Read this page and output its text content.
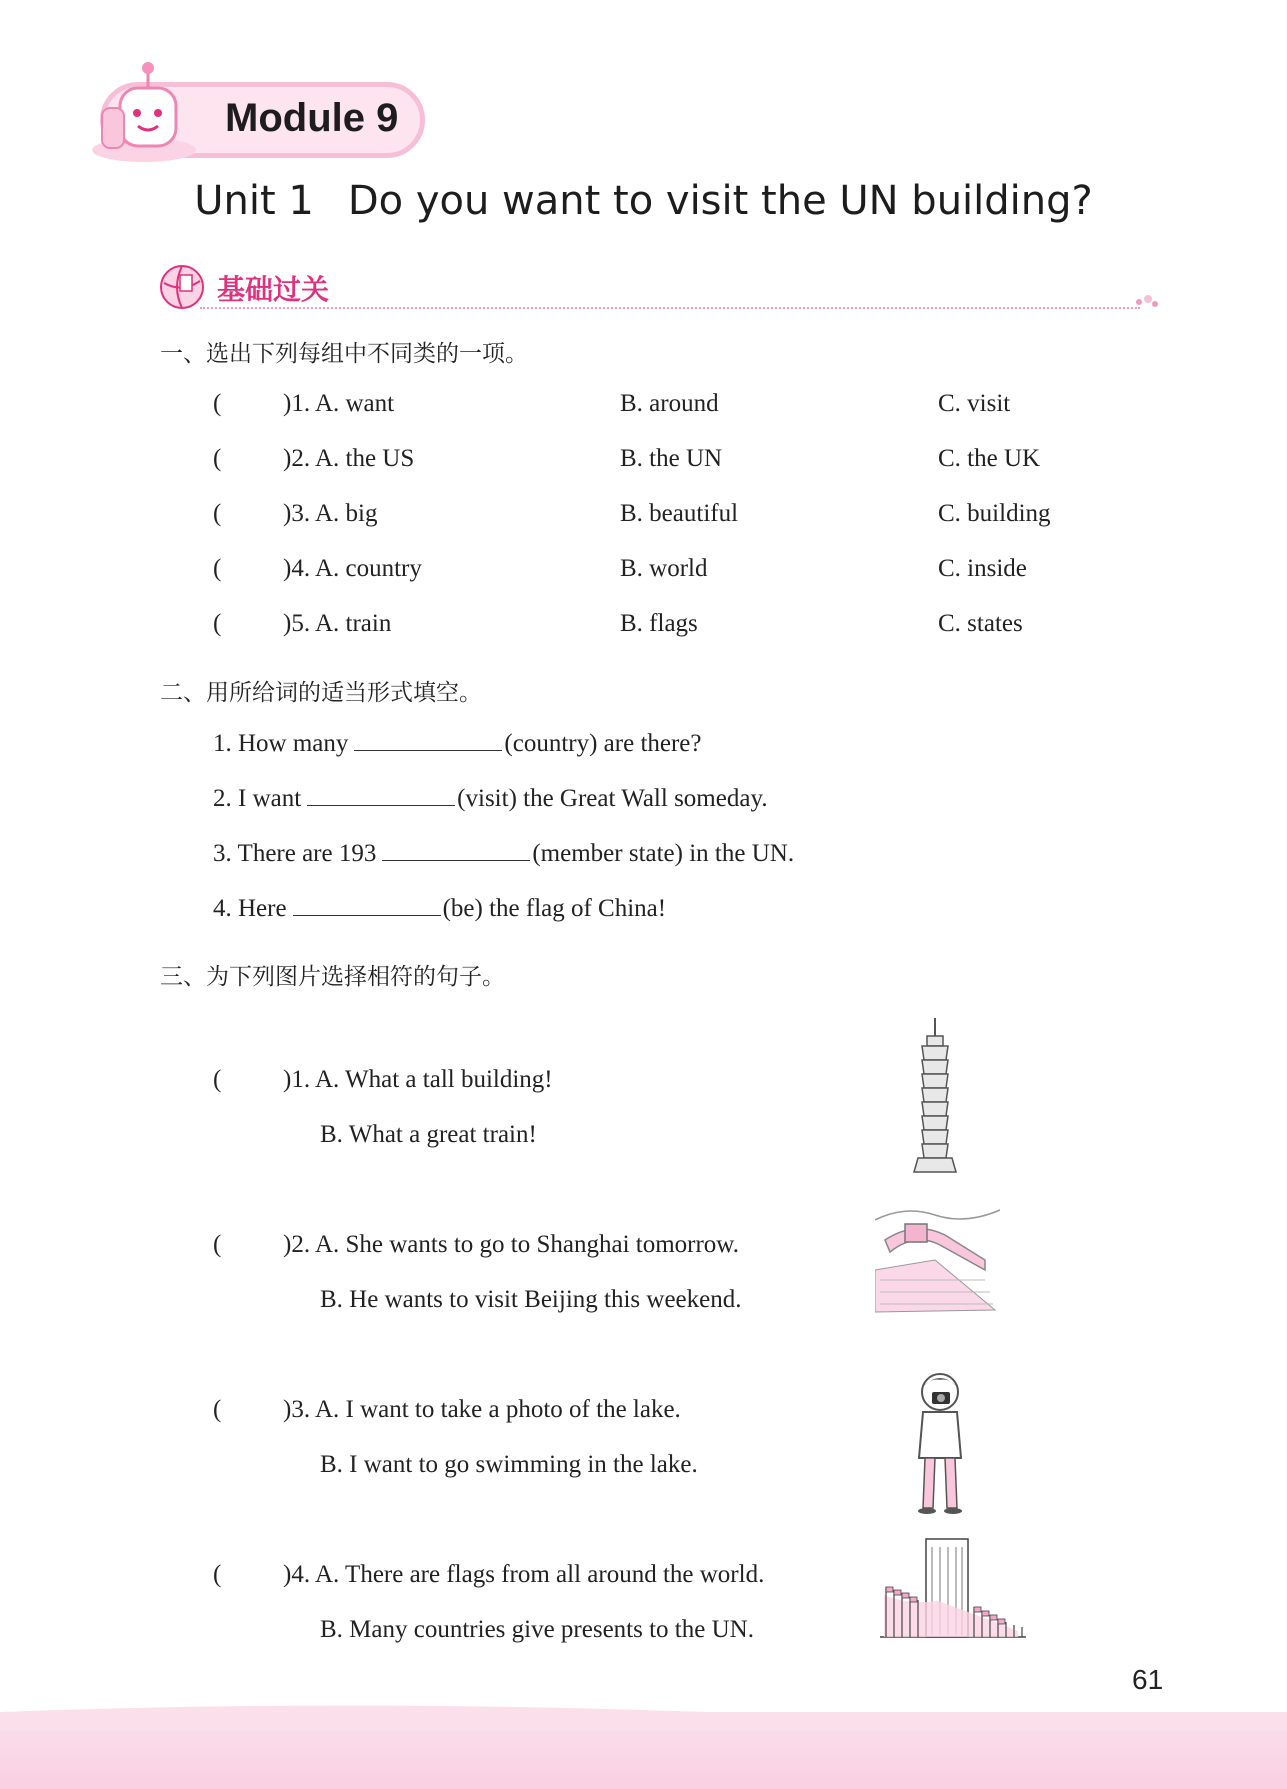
Module 9
Unit 1 Do you want to visit the UN building?
基础过关
一、选出下列每组中不同类的一项。
( )1. A. want	B. around	C. visit
( )2. A. the US	B. the UN	C. the UK
( )3. A. big	B. beautiful	C. building
( )4. A. country	B. world	C. inside
( )5. A. train	B. flags	C. states
二、用所给词的适当形式填空。
1. How many	(country) are there?
2. I want	(visit) the Great Wall someday.
3. There are 193	(member state) in the UN.
4. Here	(be) the flag of China!
三、为下列图片选择相符的句子。
( )1. A. What a tall building!
B. What a great train!
( )2. A. She wants to go to Shanghai tomorrow.
B. He wants to visit Beijing this weekend.
( )3. A. I want to take a photo of the lake.
B. I want to go swimming in the lake.
( )4. A. There are flags from all around the world.
B. Many countries give presents to the UN.
61
